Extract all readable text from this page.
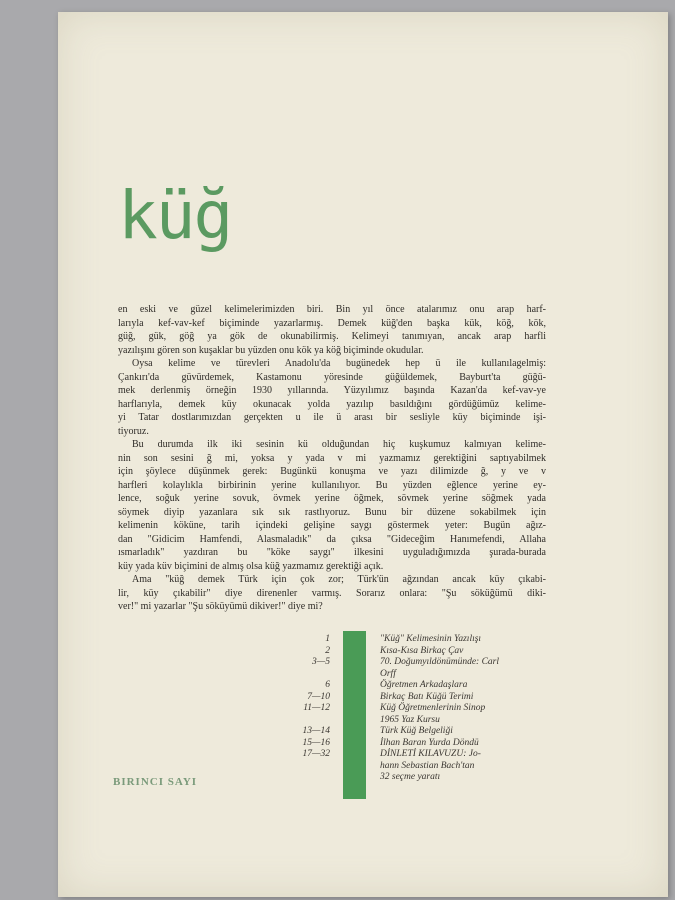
küğ
en eski ve güzel kelimelerimizden biri. Bin yıl önce atalarımız onu arap harf-
larıyla kef-vav-kef biçiminde yazarlarmış. Demek küğ'den başka kük, köğ, kök,
güğ, gük, göğ ya gök de okunabilirmiş. Kelimeyi tanımıyan, ancak arap harfli
yazılışını gören son kuşaklar bu yüzden onu kök ya köğ biçiminde okudular.
Oysa kelime ve türevleri Anadolu'da bugünedek hep ü ile kullanılagelmiş:
Çankırı'da güvürdemek, Kastamonu yöresinde güğüldemek, Bayburt'ta güğü-
mek derlenmiş örneğin 1930 yıllarında. Yüzyılımız başında Kazan'da kef-vav-ye
harflarıyla, demek küy okunacak yolda yazılıp basıldığını gördüğümüz kelime-
yi Tatar dostlarımızdan gerçekten u ile ü arası bir sesliyle küy biçiminde işi-
tiyoruz.
Bu durumda ilk iki sesinin kü olduğundan hiç kuşkumuz kalmıyan kelime-
nin son sesini ğ mi, yoksa y yada v mi yazmamız gerektiğini saptıyabilmek
için şöylece düşünmek gerek: Bugünkü konuşma ve yazı dilimizde ğ, y ve v
harfleri kolaylıkla birbirinin yerine kullanılıyor. Bu yüzden eğlence yerine ey-
lence, soğuk yerine sovuk, övmek yerine öğmek, sövmek yerine söğmek yada
söymek diyip yazanlara sık sık rastlıyoruz. Bunu bir düzene sokabilmek için
kelimenin köküne, tarih içindeki gelişine saygı göstermek yeter: Bugün ağız-
dan "Gidicim Hamfendi, Alasmaladık" da çıksa "Gideceğim Hanımefendi, Allaha
ısmarladık" yazdıran bu "köke saygı" ilkesini uyguladığımızda şurada-burada
küy yada küv biçimini de almış olsa küğ yazmamız gerektiği açık.
Ama "küğ demek Türk için çok zor; Türk'ün ağzından ancak küy çıkabi-
lir, küy çıkabilir" diye direnenler varmış. Sorarız onlara: "Şu söküğümü diki-
ver!" mi yazarlar "Şu söküyümü dikiver!" diye mi?
1
2
3—5
6
7—10
11—12
13—14
15—16
17—32
"Küğ" Kelimesinin Yazılışı
Kısa-Kısa Birkaç Çav
70. Doğumyıldönümünde: Carl
Orff
Öğretmen Arkadaşlara
Birkaç Batı Küğü Terimi
Küğ Öğretmenlerinin Sinop
1965 Yaz Kursu
Türk Küğ Belgeliği
İlhan Baran Yurda Döndü
DİNLETİ KILAVUZU: Jo-
hann Sebastian Bach'tan
32 seçme yaratı
BIRINCI SAYI
